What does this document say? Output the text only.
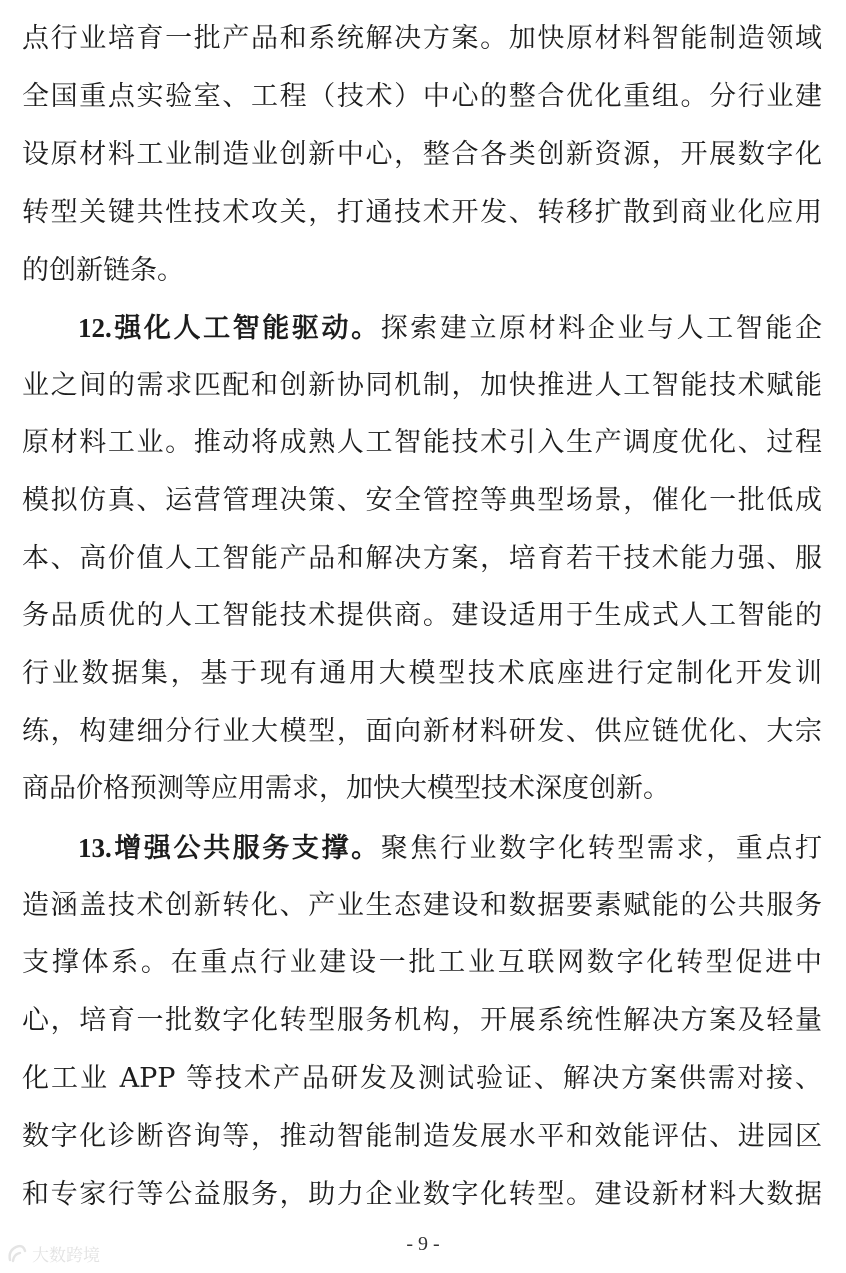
点行业培育一批产品和系统解决方案。加快原材料智能制造领域
全国重点实验室、工程（技术）中心的整合优化重组。分行业建
设原材料工业制造业创新中心，整合各类创新资源，开展数字化
转型关键共性技术攻关，打通技术开发、转移扩散到商业化应用
的创新链条。
12.强化人工智能驱动。探索建立原材料企业与人工智能企
业之间的需求匹配和创新协同机制，加快推进人工智能技术赋能
原材料工业。推动将成熟人工智能技术引入生产调度优化、过程
模拟仿真、运营管理决策、安全管控等典型场景，催化一批低成
本、高价值人工智能产品和解决方案，培育若干技术能力强、服
务品质优的人工智能技术提供商。建设适用于生成式人工智能的
行业数据集，基于现有通用大模型技术底座进行定制化开发训
练，构建细分行业大模型，面向新材料研发、供应链优化、大宗
商品价格预测等应用需求，加快大模型技术深度创新。
13.增强公共服务支撑。聚焦行业数字化转型需求，重点打
造涵盖技术创新转化、产业生态建设和数据要素赋能的公共服务
支撑体系。在重点行业建设一批工业互联网数字化转型促进中
心，培育一批数字化转型服务机构，开展系统性解决方案及轻量
化工业 APP 等技术产品研发及测试验证、解决方案供需对接、
数字化诊断咨询等，推动智能制造发展水平和效能评估、进园区
和专家行等公益服务，助力企业数字化转型。建设新材料大数据
- 9 -
大数跨境
